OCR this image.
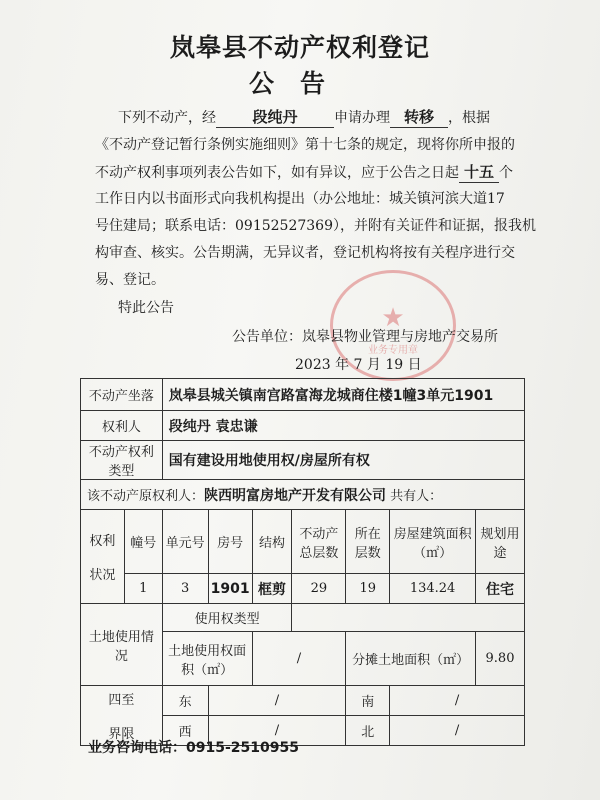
岚皋县不动产权利登记
公告
下列不动产，经 段纯丹	申请办理 转移 ，根据
《不动产登记暂行条例实施细则》第十七条的规定，现将你所申报的
不动产权利事项列表公告如下，如有异议，应于公告之日起 十五 个
工作日内以书面形式向我机构提出（办公地址：城关镇河滨大道17
号住建局；联系电话：09152527369），并附有关证件和证据，报我机
构审查、核实。公告期满，无异议者，登记机构将按有关程序进行交
易、登记。
特此公告	★
业务专用章
公告单位：岚皋县物业管理与房地产交易所
2023 年 7 月 19 日
不动产坐落		岚皋县城关镇南宫路富海龙城商住楼1幢3单元1901						
权利人		段纯丹 袁忠谦						
不动产权利类型		国有建设用地使用权/房屋所有权						
该不动产原权利人：陕西明富房地产开发有限公司 共有人：								
权利

状况	幢号	单元号	房号	结构	不动产总层数	所在层数	房屋建筑面积（㎡）	规划用途
	1	3	1901	框剪	29	19	134.24	住宅
土地使用情况		使用权类型						
		土地使用权面积（㎡）		/		分摊土地面积（㎡）		9.80
四至

界限		东	/			南	/	
		西	/			北	/	
业务咨询电话：0915-2510955
